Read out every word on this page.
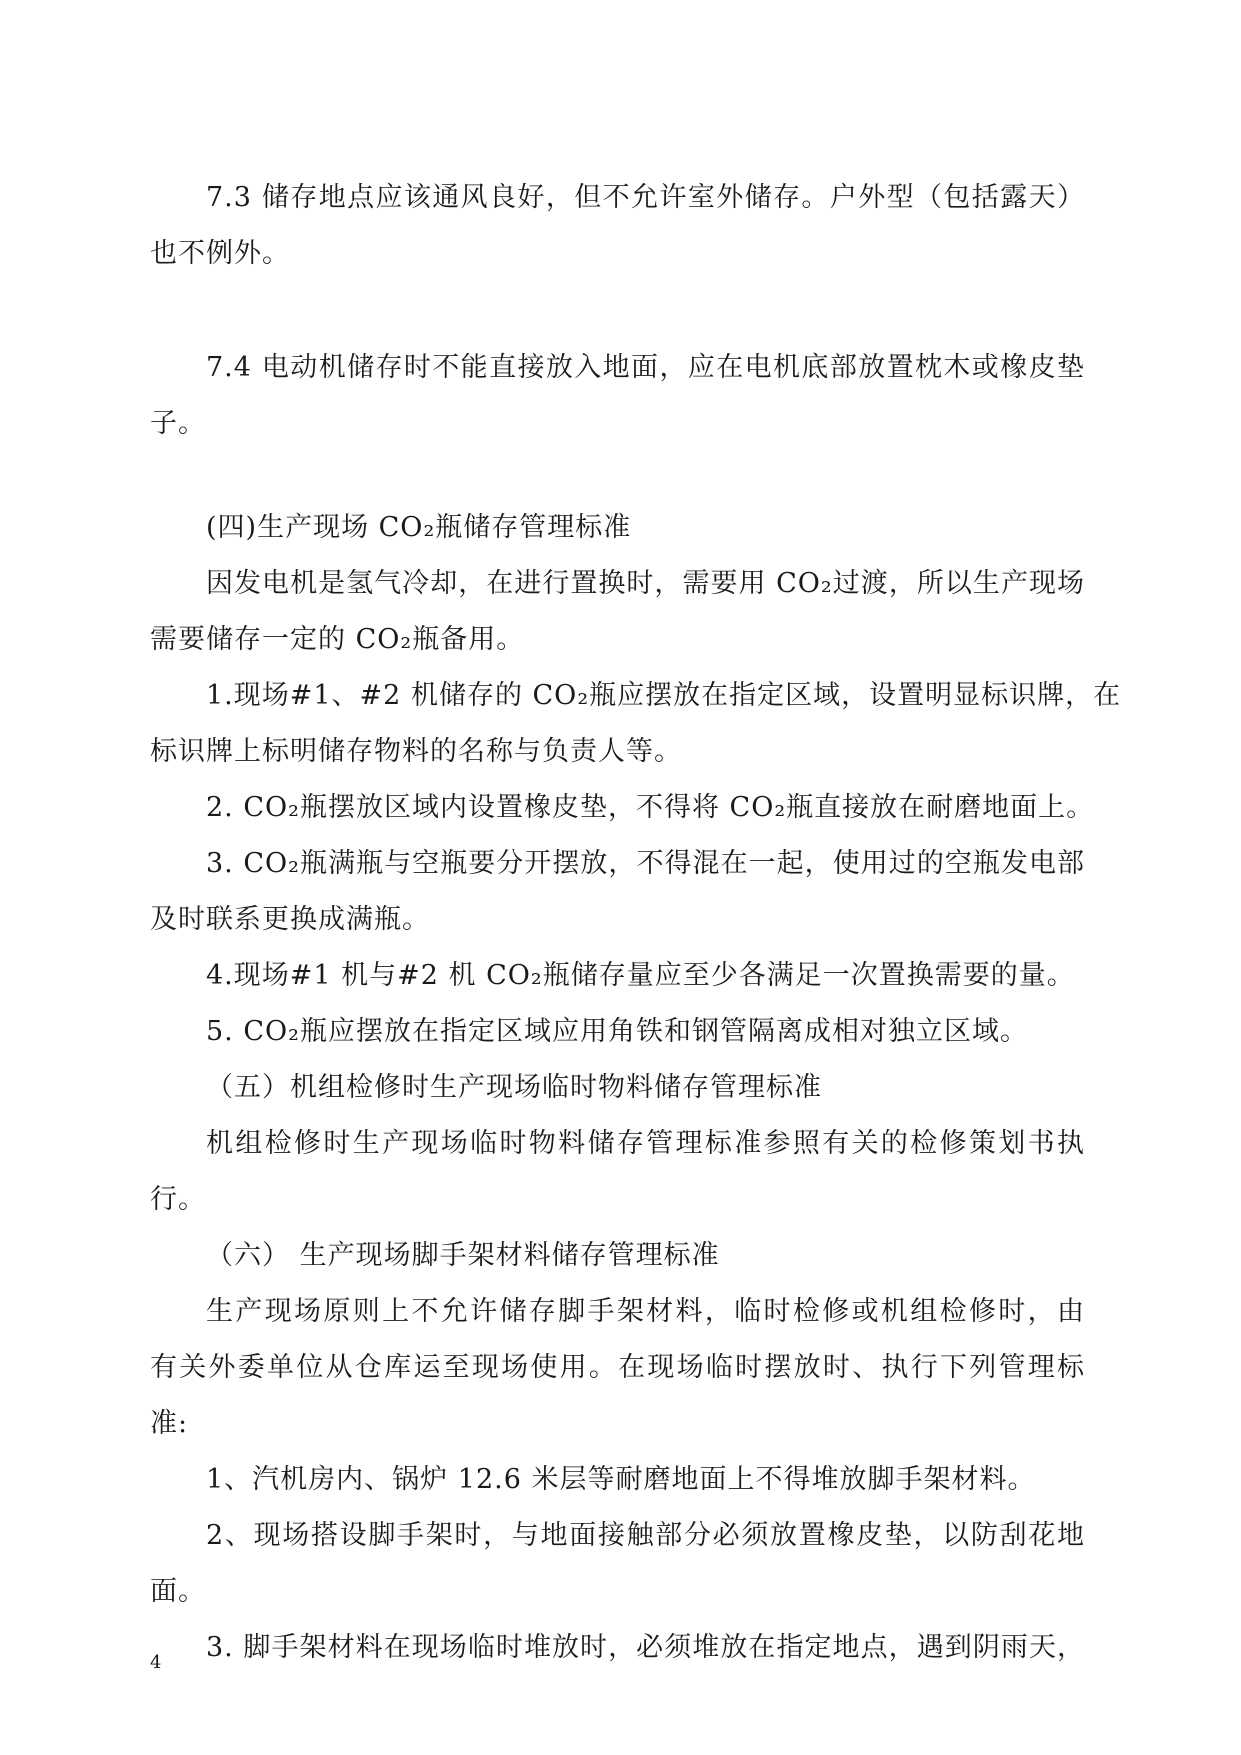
7.3 储存地点应该通风良好，但不允许室外储存。户外型（包括露天）
也不例外。
7.4 电动机储存时不能直接放入地面，应在电机底部放置枕木或橡皮垫
子。
(四)生产现场 CO₂瓶储存管理标准
因发电机是氢气冷却，在进行置换时，需要用 CO₂过渡，所以生产现场
需要储存一定的 CO₂瓶备用。
1.现场#1、#2 机储存的 CO₂瓶应摆放在指定区域，设置明显标识牌，在
标识牌上标明储存物料的名称与负责人等。
2. CO₂瓶摆放区域内设置橡皮垫，不得将 CO₂瓶直接放在耐磨地面上。
3. CO₂瓶满瓶与空瓶要分开摆放，不得混在一起，使用过的空瓶发电部
及时联系更换成满瓶。
4.现场#1 机与#2 机 CO₂瓶储存量应至少各满足一次置换需要的量。
5. CO₂瓶应摆放在指定区域应用角铁和钢管隔离成相对独立区域。
（五）机组检修时生产现场临时物料储存管理标准
机组检修时生产现场临时物料储存管理标准参照有关的检修策划书执
行。
（六） 生产现场脚手架材料储存管理标准
生产现场原则上不允许储存脚手架材料，临时检修或机组检修时，由
有关外委单位从仓库运至现场使用。在现场临时摆放时、执行下列管理标
准:
1、汽机房内、锅炉 12.6 米层等耐磨地面上不得堆放脚手架材料。
2、现场搭设脚手架时，与地面接触部分必须放置橡皮垫，以防刮花地
面。
3. 脚手架材料在现场临时堆放时，必须堆放在指定地点，遇到阴雨天，
4
